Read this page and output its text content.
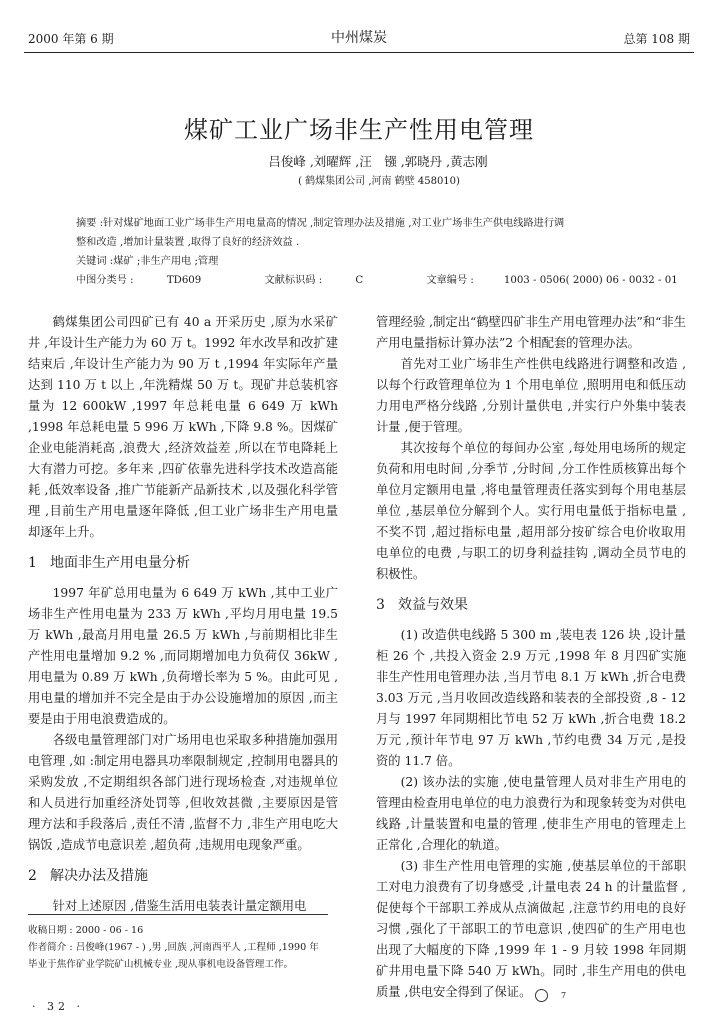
2000 年第 6 期	中州煤炭	总第 108 期
煤矿工业广场非生产性用电管理
吕俊峰 ,刘曜辉 ,汪　镪 ,郭晓丹 ,黄志刚
( 鹤煤集团公司 ,河南 鹤壁 458010)
摘要 :针对煤矿地面工业广场非生产用电量高的情况 ,制定管理办法及措施 ,对工业广场非生产供电线路进行调
整和改造 ,增加计量装置 ,取得了良好的经济效益 .
关键词 :煤矿 ;非生产用电 ;管理
中图分类号 :	TD609	文献标识码 :	C	文章编号 :	1003 - 0506( 2000) 06 - 0032 - 01

鹤煤集团公司四矿已有 40 a 开采历史 ,原为水采矿井 ,年设计生产能力为 60 万 t。1992 年水改旱和改扩建结束后 ,年设计生产能力为 90 万 t ,1994 年实际年产量达到 110 万 t 以上 ,年洗精煤 50 万 t。现矿井总装机容量为 12 600kW ,1997 年总耗电量 6 649 万 kWh ,1998 年总耗电量 5 996 万 kWh ,下降 9.8 %。因煤矿企业电能消耗高 ,浪费大 ,经济效益差 ,所以在节电降耗上大有潜力可挖。多年来 ,四矿依靠先进科学技术改造高能耗 ,低效率设备 ,推广节能新产品新技术 ,以及强化科学管理 ,目前生产用电量逐年降低 ,但工业广场非生产用电量却逐年上升。

1 地面非生产用电量分析

1997 年矿总用电量为 6 649 万 kWh ,其中工业广场非生产性用电量为 233 万 kWh ,平均月用电量 19.5 万 kWh ,最高月用电量 26.5 万 kWh ,与前期相比非生产性用电量增加 9.2 % ,而同期增加电力负荷仅 36kW ,用电量为 0.89 万 kWh ,负荷增长率为 5 %。由此可见 ,用电量的增加并不完全是由于办公设施增加的原因 ,而主要是由于用电浪费造成的。

各级电量管理部门对广场用电也采取多种措施加强用电管理 ,如 :制定用电器具功率限制规定 ,控制用电器具的采购发放 ,不定期组织各部门进行现场检查 ,对违规单位和人员进行加重经济处罚等 ,但收效甚微 ,主要原因是管理方法和手段落后 ,责任不清 ,监督不力 ,非生产用电吃大锅饭 ,造成节电意识差 ,超负荷 ,违规用电现象严重。

2 解决办法及措施

针对上述原因 ,借鉴生活用电装表计量定额用电

管理经验 ,制定出“鹤壁四矿非生产用电管理办法”和“非生产用电量指标计算办法”2 个相配套的管理办法。

首先对工业广场非生产性供电线路进行调整和改造 ,以每个行政管理单位为 1 个用电单位 ,照明用电和低压动力用电严格分线路 ,分别计量供电 ,并实行户外集中装表计量 ,便于管理。

其次按每个单位的每间办公室 ,每处用电场所的规定负荷和用电时间 ,分季节 ,分时间 ,分工作性质核算出每个单位月定额用电量 ,将电量管理责任落实到每个用电基层单位 ,基层单位分解到个人。实行用电量低于指标电量 ,不奖不罚 ,超过指标电量 ,超用部分按矿综合电价收取用电单位的电费 ,与职工的切身利益挂钩 ,调动全员节电的积极性。

3 效益与效果

(1) 改造供电线路 5 300 m ,装电表 126 块 ,设计量柜 26 个 ,共投入资金 2.9 万元 ,1998 年 8 月四矿实施非生产性用电管理办法 ,当月节电 8.1 万 kWh ,折合电费 3.03 万元 ,当月收回改造线路和装表的全部投资 ,8 - 12 月与 1997 年同期相比节电 52 万 kWh ,折合电费 18.2 万元 ,预计年节电 97 万 kWh ,节约电费 34 万元 ,是投资的 11.7 倍。

(2) 该办法的实施 ,使电量管理人员对非生产用电的管理由检查用电单位的电力浪费行为和现象转变为对供电线路 ,计量装置和电量的管理 ,使非生产用电的管理走上正常化 ,合理化的轨道。

(3) 非生产性用电管理的实施 ,使基层单位的干部职工对电力浪费有了切身感受 ,计量电表 24 h 的计量监督 ,促使每个干部职工养成从点滴做起 ,注意节约用电的良好习惯 ,强化了干部职工的节电意识 ,使四矿的生产用电也出现了大幅度的下降 ,1999 年 1 - 9 月较 1998 年同期矿井用电量下降 540 万 kWh。同时 ,非生产用电的供电质量 ,供电安全得到了保证。	7

收稿日期 : 2000 - 06 - 16
作者简介 : 吕俊峰(1967 - ) ,男 ,回族 ,河南西平人 ,工程师 ,1990 年
毕业于焦作矿业学院矿山机械专业 ,现从事机电设备管理工作。
· 32 ·
